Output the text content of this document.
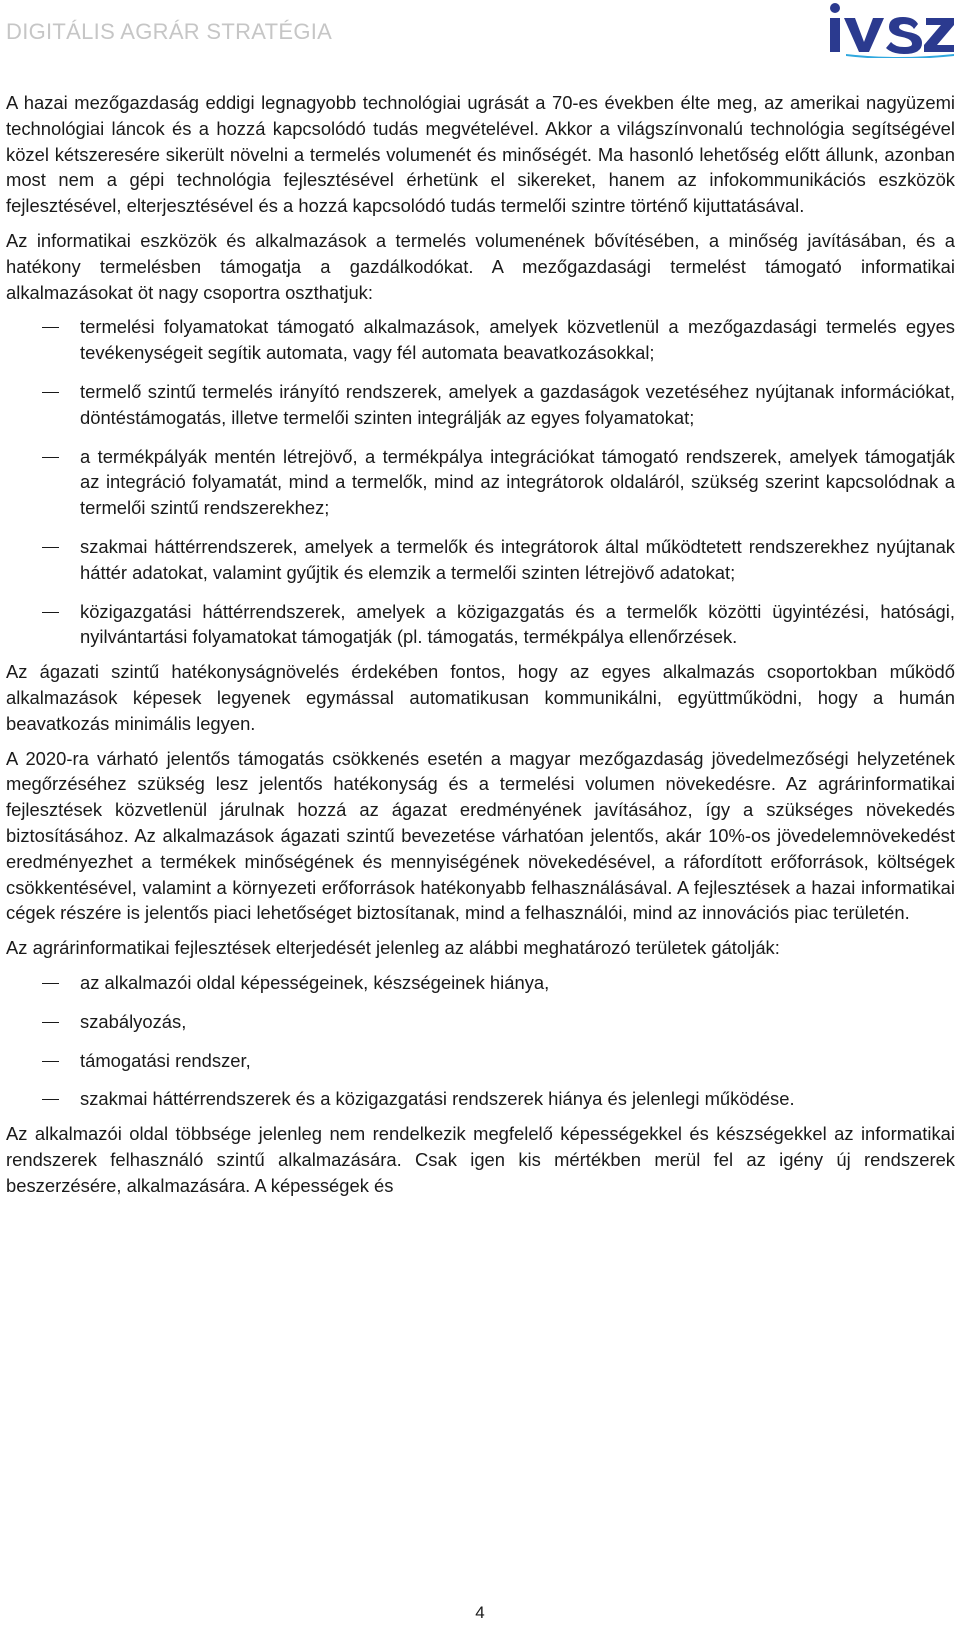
DIGITÁLIS AGRÁR STRATÉGIA

A hazai mezőgazdaság eddigi legnagyobb technológiai ugrását a 70-es években élte meg, az amerikai nagyüzemi technológiai láncok és a hozzá kapcsolódó tudás megvételével. Akkor a világszínvonalú technológia segítségével közel kétszeresére sikerült növelni a termelés volumenét és minőségét. Ma hasonló lehetőség előtt állunk, azonban most nem a gépi technológia fejlesztésével érhetünk el sikereket, hanem az infokommunikációs eszközök fejlesztésével, elterjesztésével és a hozzá kapcsolódó tudás termelői szintre történő kijuttatásával.

Az informatikai eszközök és alkalmazások a termelés volumenének bővítésében, a minőség javításában, és a hatékony termelésben támogatja a gazdálkodókat. A mezőgazdasági termelést támogató informatikai alkalmazásokat öt nagy csoportra oszthatjuk:

termelési folyamatokat támogató alkalmazások, amelyek közvetlenül a mezőgazdasági termelés egyes tevékenységeit segítik automata, vagy fél automata beavatkozásokkal;
termelő szintű termelés irányító rendszerek, amelyek a gazdaságok vezetéséhez nyújtanak információkat, döntéstámogatás, illetve termelői szinten integrálják az egyes folyamatokat;
a termékpályák mentén létrejövő, a termékpálya integrációkat támogató rendszerek, amelyek támogatják az integráció folyamatát, mind a termelők, mind az integrátorok oldaláról, szükség szerint kapcsolódnak a termelői szintű rendszerekhez;
szakmai háttérrendszerek, amelyek a termelők és integrátorok által működtetett rendszerekhez nyújtanak háttér adatokat, valamint gyűjtik és elemzik a termelői szinten létrejövő adatokat;
közigazgatási háttérrendszerek, amelyek a közigazgatás és a termelők közötti ügyintézési, hatósági, nyilvántartási folyamatokat támogatják (pl. támogatás, termékpálya ellenőrzések.

Az ágazati szintű hatékonyságnövelés érdekében fontos, hogy az egyes alkalmazás csoportokban működő alkalmazások képesek legyenek egymással automatikusan kommunikálni, együttműködni, hogy a humán beavatkozás minimális legyen.

A 2020-ra várható jelentős támogatás csökkenés esetén a magyar mezőgazdaság jövedelmezőségi helyzetének megőrzéséhez szükség lesz jelentős hatékonyság és a termelési volumen növekedésre. Az agrárinformatikai fejlesztések közvetlenül járulnak hozzá az ágazat eredményének javításához, így a szükséges növekedés biztosításához. Az alkalmazások ágazati szintű bevezetése várhatóan jelentős, akár 10%-os jövedelemnövekedést eredményezhet a termékek minőségének és mennyiségének növekedésével, a ráfordított erőforrások, költségek csökkentésével, valamint a környezeti erőforrások hatékonyabb felhasználásával. A fejlesztések a hazai informatikai cégek részére is jelentős piaci lehetőséget biztosítanak, mind a felhasználói, mind az innovációs piac területén.

Az agrárinformatikai fejlesztések elterjedését jelenleg az alábbi meghatározó területek gátolják:

az alkalmazói oldal képességeinek, készségeinek hiánya,
szabályozás,
támogatási rendszer,
szakmai háttérrendszerek és a közigazgatási rendszerek hiánya és jelenlegi működése.

Az alkalmazói oldal többsége jelenleg nem rendelkezik megfelelő képességekkel és készségekkel az informatikai rendszerek felhasználó szintű alkalmazására. Csak igen kis mértékben merül fel az igény új rendszerek beszerzésére, alkalmazására. A képességek és

4
